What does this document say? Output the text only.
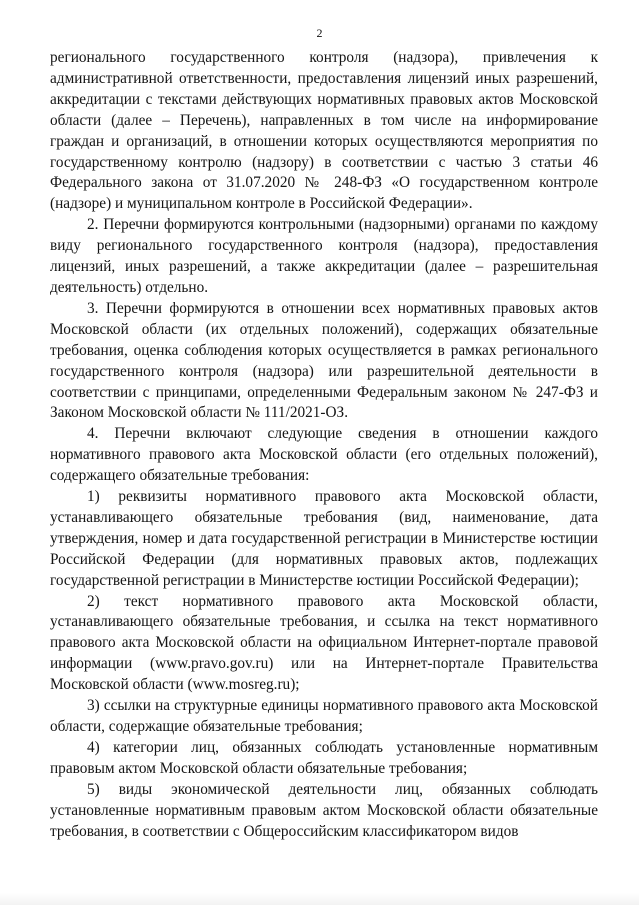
2

регионального государственного контроля (надзора), привлечения к административной ответственности, предоставления лицензий иных разрешений, аккредитации с текстами действующих нормативных правовых актов Московской области (далее – Перечень), направленных в том числе на информирование граждан и организаций, в отношении которых осуществляются мероприятия по государственному контролю (надзору) в соответствии с частью 3 статьи 46 Федерального закона от 31.07.2020 № 248-ФЗ «О государственном контроле (надзоре) и муниципальном контроле в Российской Федерации».

2. Перечни формируются контрольными (надзорными) органами по каждому виду регионального государственного контроля (надзора), предоставления лицензий, иных разрешений, а также аккредитации (далее – разрешительная деятельность) отдельно.

3. Перечни формируются в отношении всех нормативных правовых актов Московской области (их отдельных положений), содержащих обязательные требования, оценка соблюдения которых осуществляется в рамках регионального государственного контроля (надзора) или разрешительной деятельности в соответствии с принципами, определенными Федеральным законом № 247-ФЗ и Законом Московской области № 111/2021-ОЗ.

4. Перечни включают следующие сведения в отношении каждого нормативного правового акта Московской области (его отдельных положений), содержащего обязательные требования:

1) реквизиты нормативного правового акта Московской области, устанавливающего обязательные требования (вид, наименование, дата утверждения, номер и дата государственной регистрации в Министерстве юстиции Российской Федерации (для нормативных правовых актов, подлежащих государственной регистрации в Министерстве юстиции Российской Федерации);

2) текст нормативного правового акта Московской области, устанавливающего обязательные требования, и ссылка на текст нормативного правового акта Московской области на официальном Интернет-портале правовой информации (www.pravo.gov.ru) или на Интернет-портале Правительства Московской области (www.mosreg.ru);

3) ссылки на структурные единицы нормативного правового акта Московской области, содержащие обязательные требования;

4) категории лиц, обязанных соблюдать установленные нормативным правовым актом Московской области обязательные требования;

5) виды экономической деятельности лиц, обязанных соблюдать установленные нормативным правовым актом Московской области обязательные требования, в соответствии с Общероссийским классификатором видов
